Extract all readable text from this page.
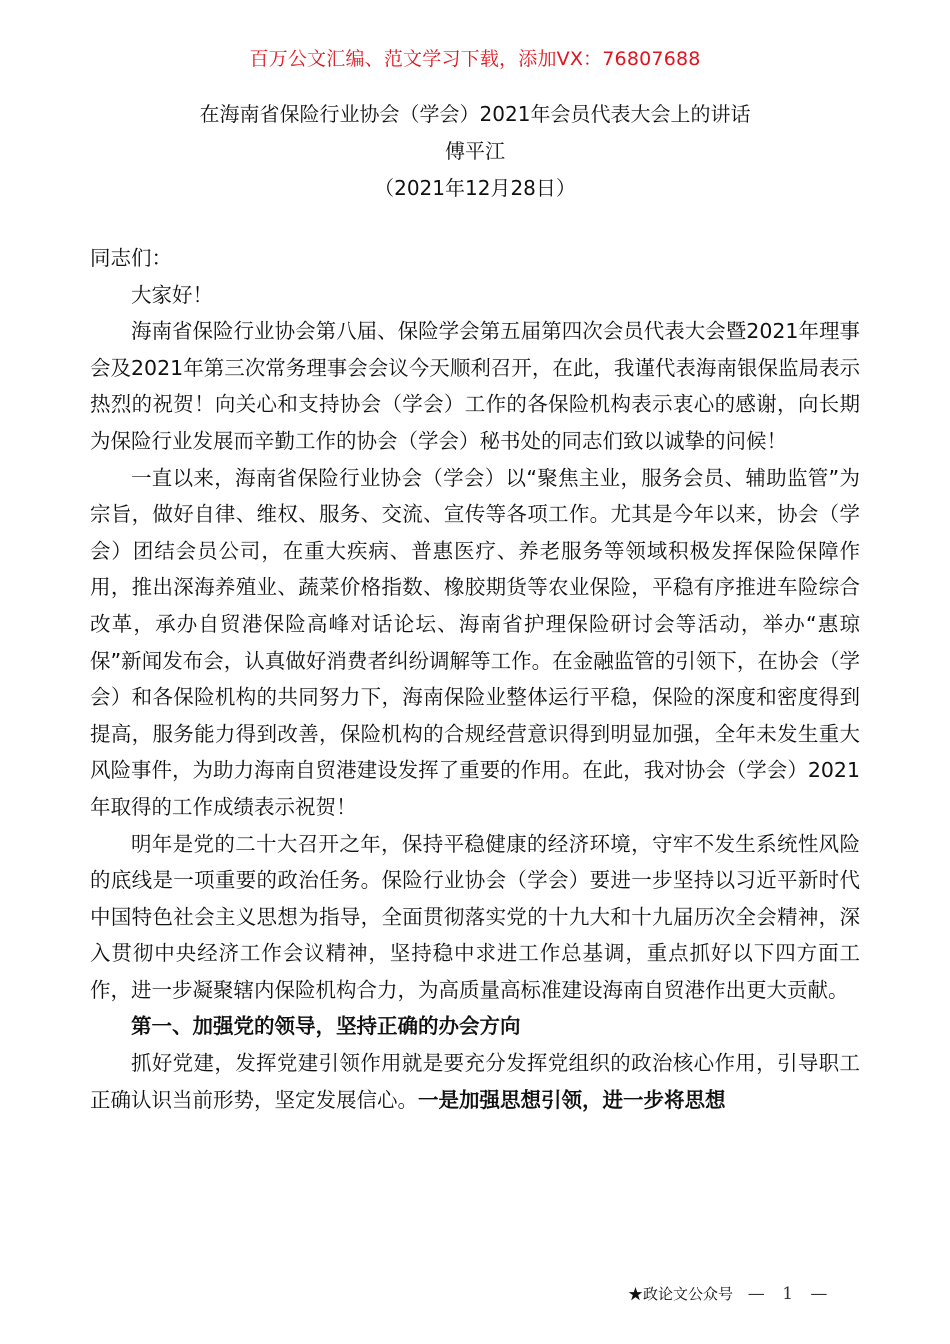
百万公文汇编、范文学习下载，添加VX：76807688
在海南省保险行业协会（学会）2021年会员代表大会上的讲话
傅平江
（2021年12月28日）

同志们：

大家好！

海南省保险行业协会第八届、保险学会第五届第四次会员代表大会暨2021年理事会及2021年第三次常务理事会会议今天顺利召开，在此，我谨代表海南银保监局表示热烈的祝贺！向关心和支持协会（学会）工作的各保险机构表示衷心的感谢，向长期为保险行业发展而辛勤工作的协会（学会）秘书处的同志们致以诚挚的问候！

一直以来，海南省保险行业协会（学会）以“聚焦主业，服务会员、辅助监管”为宗旨，做好自律、维权、服务、交流、宣传等各项工作。尤其是今年以来，协会（学会）团结会员公司，在重大疾病、普惠医疗、养老服务等领域积极发挥保险保障作用，推出深海养殖业、蔬菜价格指数、橡胶期货等农业保险，平稳有序推进车险综合改革，承办自贸港保险高峰对话论坛、海南省护理保险研讨会等活动，举办“惠琼保”新闻发布会，认真做好消费者纠纷调解等工作。在金融监管的引领下，在协会（学会）和各保险机构的共同努力下，海南保险业整体运行平稳，保险的深度和密度得到提高，服务能力得到改善，保险机构的合规经营意识得到明显加强，全年未发生重大风险事件，为助力海南自贸港建设发挥了重要的作用。在此，我对协会（学会）2021年取得的工作成绩表示祝贺！

明年是党的二十大召开之年，保持平稳健康的经济环境，守牢不发生系统性风险的底线是一项重要的政治任务。保险行业协会（学会）要进一步坚持以习近平新时代中国特色社会主义思想为指导，全面贯彻落实党的十九大和十九届历次全会精神，深入贯彻中央经济工作会议精神，坚持稳中求进工作总基调，重点抓好以下四方面工作，进一步凝聚辖内保险机构合力，为高质量高标准建设海南自贸港作出更大贡献。

第一、加强党的领导，坚持正确的办会方向

抓好党建，发挥党建引领作用就是要充分发挥党组织的政治核心作用，引导职工正确认识当前形势，坚定发展信心。一是加强思想引领，进一步将思想

★政论文公众号 — 1 —
